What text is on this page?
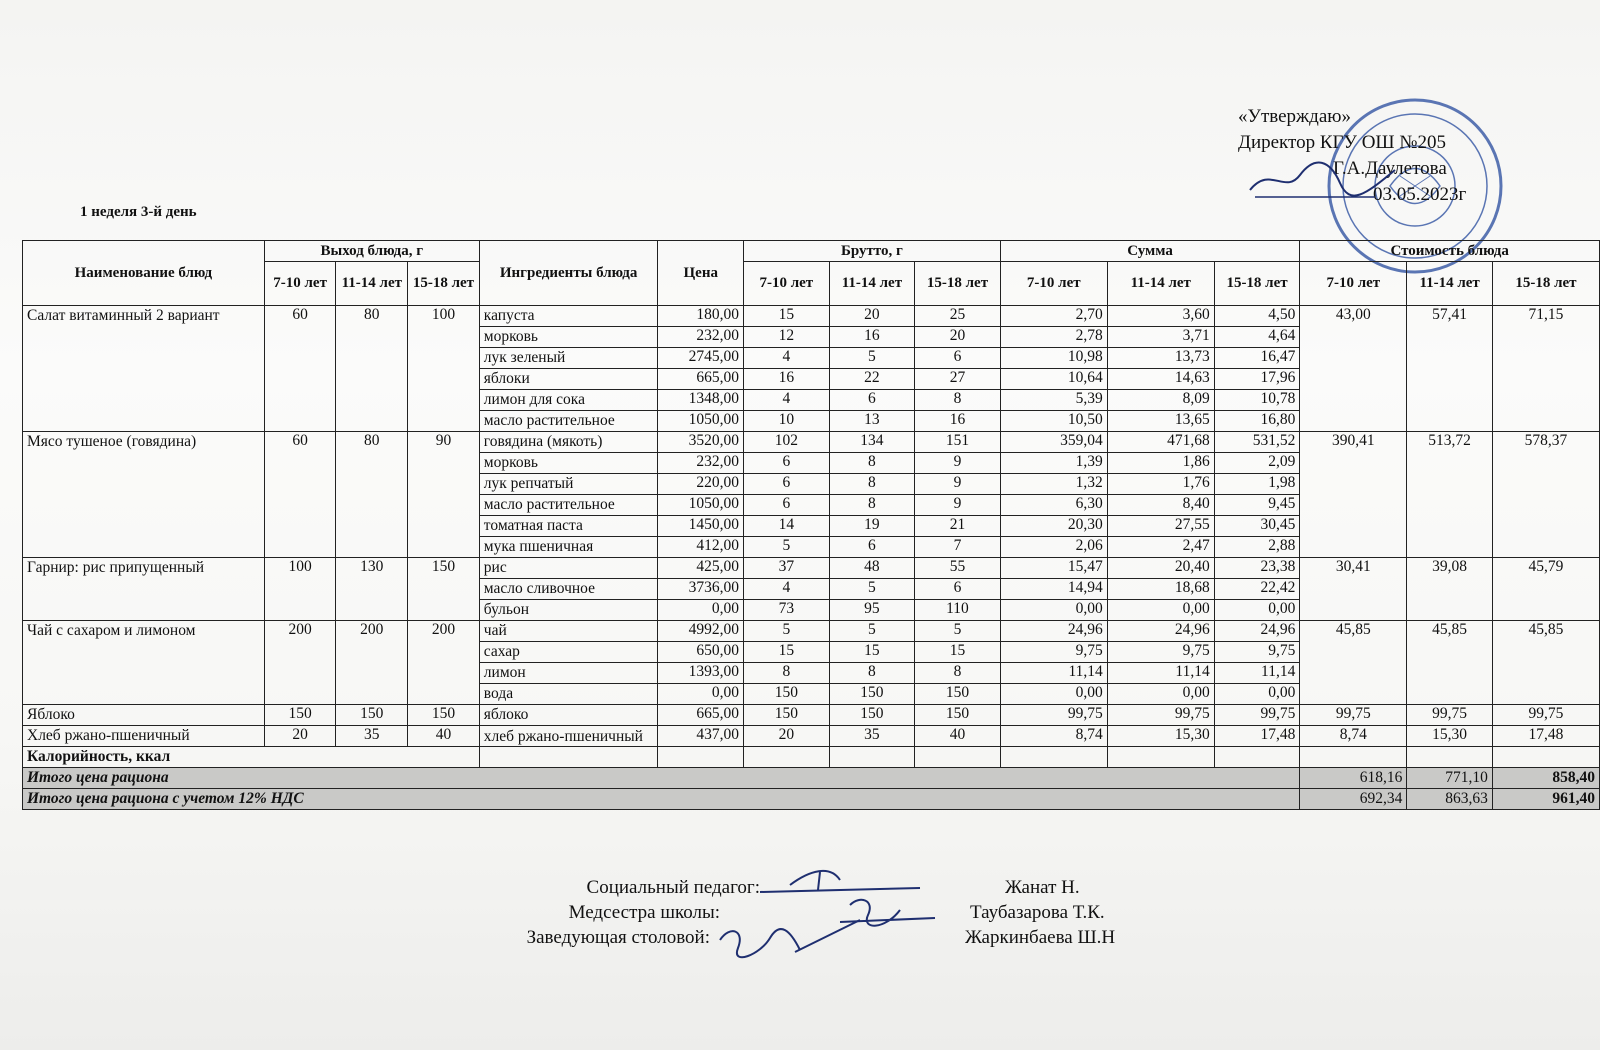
«Утверждаю»
Директор КГУ ОШ №205
Г.А.Даулетова
03.05.2023г
1 неделя 3-й день
Наименование блюд	Выход блюда, г			Ингредиенты блюда	Цена	Брутто, г			Сумма			Стоимость блюда		
	7-10 лет	11-14 лет	15-18 лет			7-10 лет	11-14 лет	15-18 лет	7-10 лет	11-14 лет	15-18 лет	7-10 лет	11-14 лет	15-18 лет
Салат витаминный 2 вариант	60	80	100	капуста	180,00	15	20	25	2,70	3,60	4,50	43,00	57,41	71,15
				морковь	232,00	12	16	20	2,78	3,71	4,64			
				лук зеленый	2745,00	4	5	6	10,98	13,73	16,47			
				яблоки	665,00	16	22	27	10,64	14,63	17,96			
				лимон для сока	1348,00	4	6	8	5,39	8,09	10,78			
				масло растительное	1050,00	10	13	16	10,50	13,65	16,80			
Мясо тушеное (говядина)	60	80	90	говядина (мякоть)	3520,00	102	134	151	359,04	471,68	531,52	390,41	513,72	578,37
				морковь	232,00	6	8	9	1,39	1,86	2,09			
				лук репчатый	220,00	6	8	9	1,32	1,76	1,98			
				масло растительное	1050,00	6	8	9	6,30	8,40	9,45			
				томатная паста	1450,00	14	19	21	20,30	27,55	30,45			
				мука пшеничная	412,00	5	6	7	2,06	2,47	2,88			
Гарнир: рис припущенный	100	130	150	рис	425,00	37	48	55	15,47	20,40	23,38	30,41	39,08	45,79
				масло сливочное	3736,00	4	5	6	14,94	18,68	22,42			
				бульон	0,00	73	95	110	0,00	0,00	0,00			
Чай с сахаром и лимоном	200	200	200	чай	4992,00	5	5	5	24,96	24,96	24,96	45,85	45,85	45,85
				сахар	650,00	15	15	15	9,75	9,75	9,75			
				лимон	1393,00	8	8	8	11,14	11,14	11,14			
				вода	0,00	150	150	150	0,00	0,00	0,00			
Яблоко	150	150	150	яблоко	665,00	150	150	150	99,75	99,75	99,75	99,75	99,75	99,75
Хлеб ржано-пшеничный	20	35	40	хлеб ржано-пшеничный	437,00	20	35	40	8,74	15,30	17,48	8,74	15,30	17,48
Калорийность, ккал														
Итого цена рациона												618,16	771,10	858,40
Итого цена рациона с учетом 12% НДС												692,34	863,63	961,40
Социальный педагог:	Жанат Н.
Медсестра школы:	Таубазарова Т.К.
Заведующая столовой:	Жаркинбаева Ш.Н
